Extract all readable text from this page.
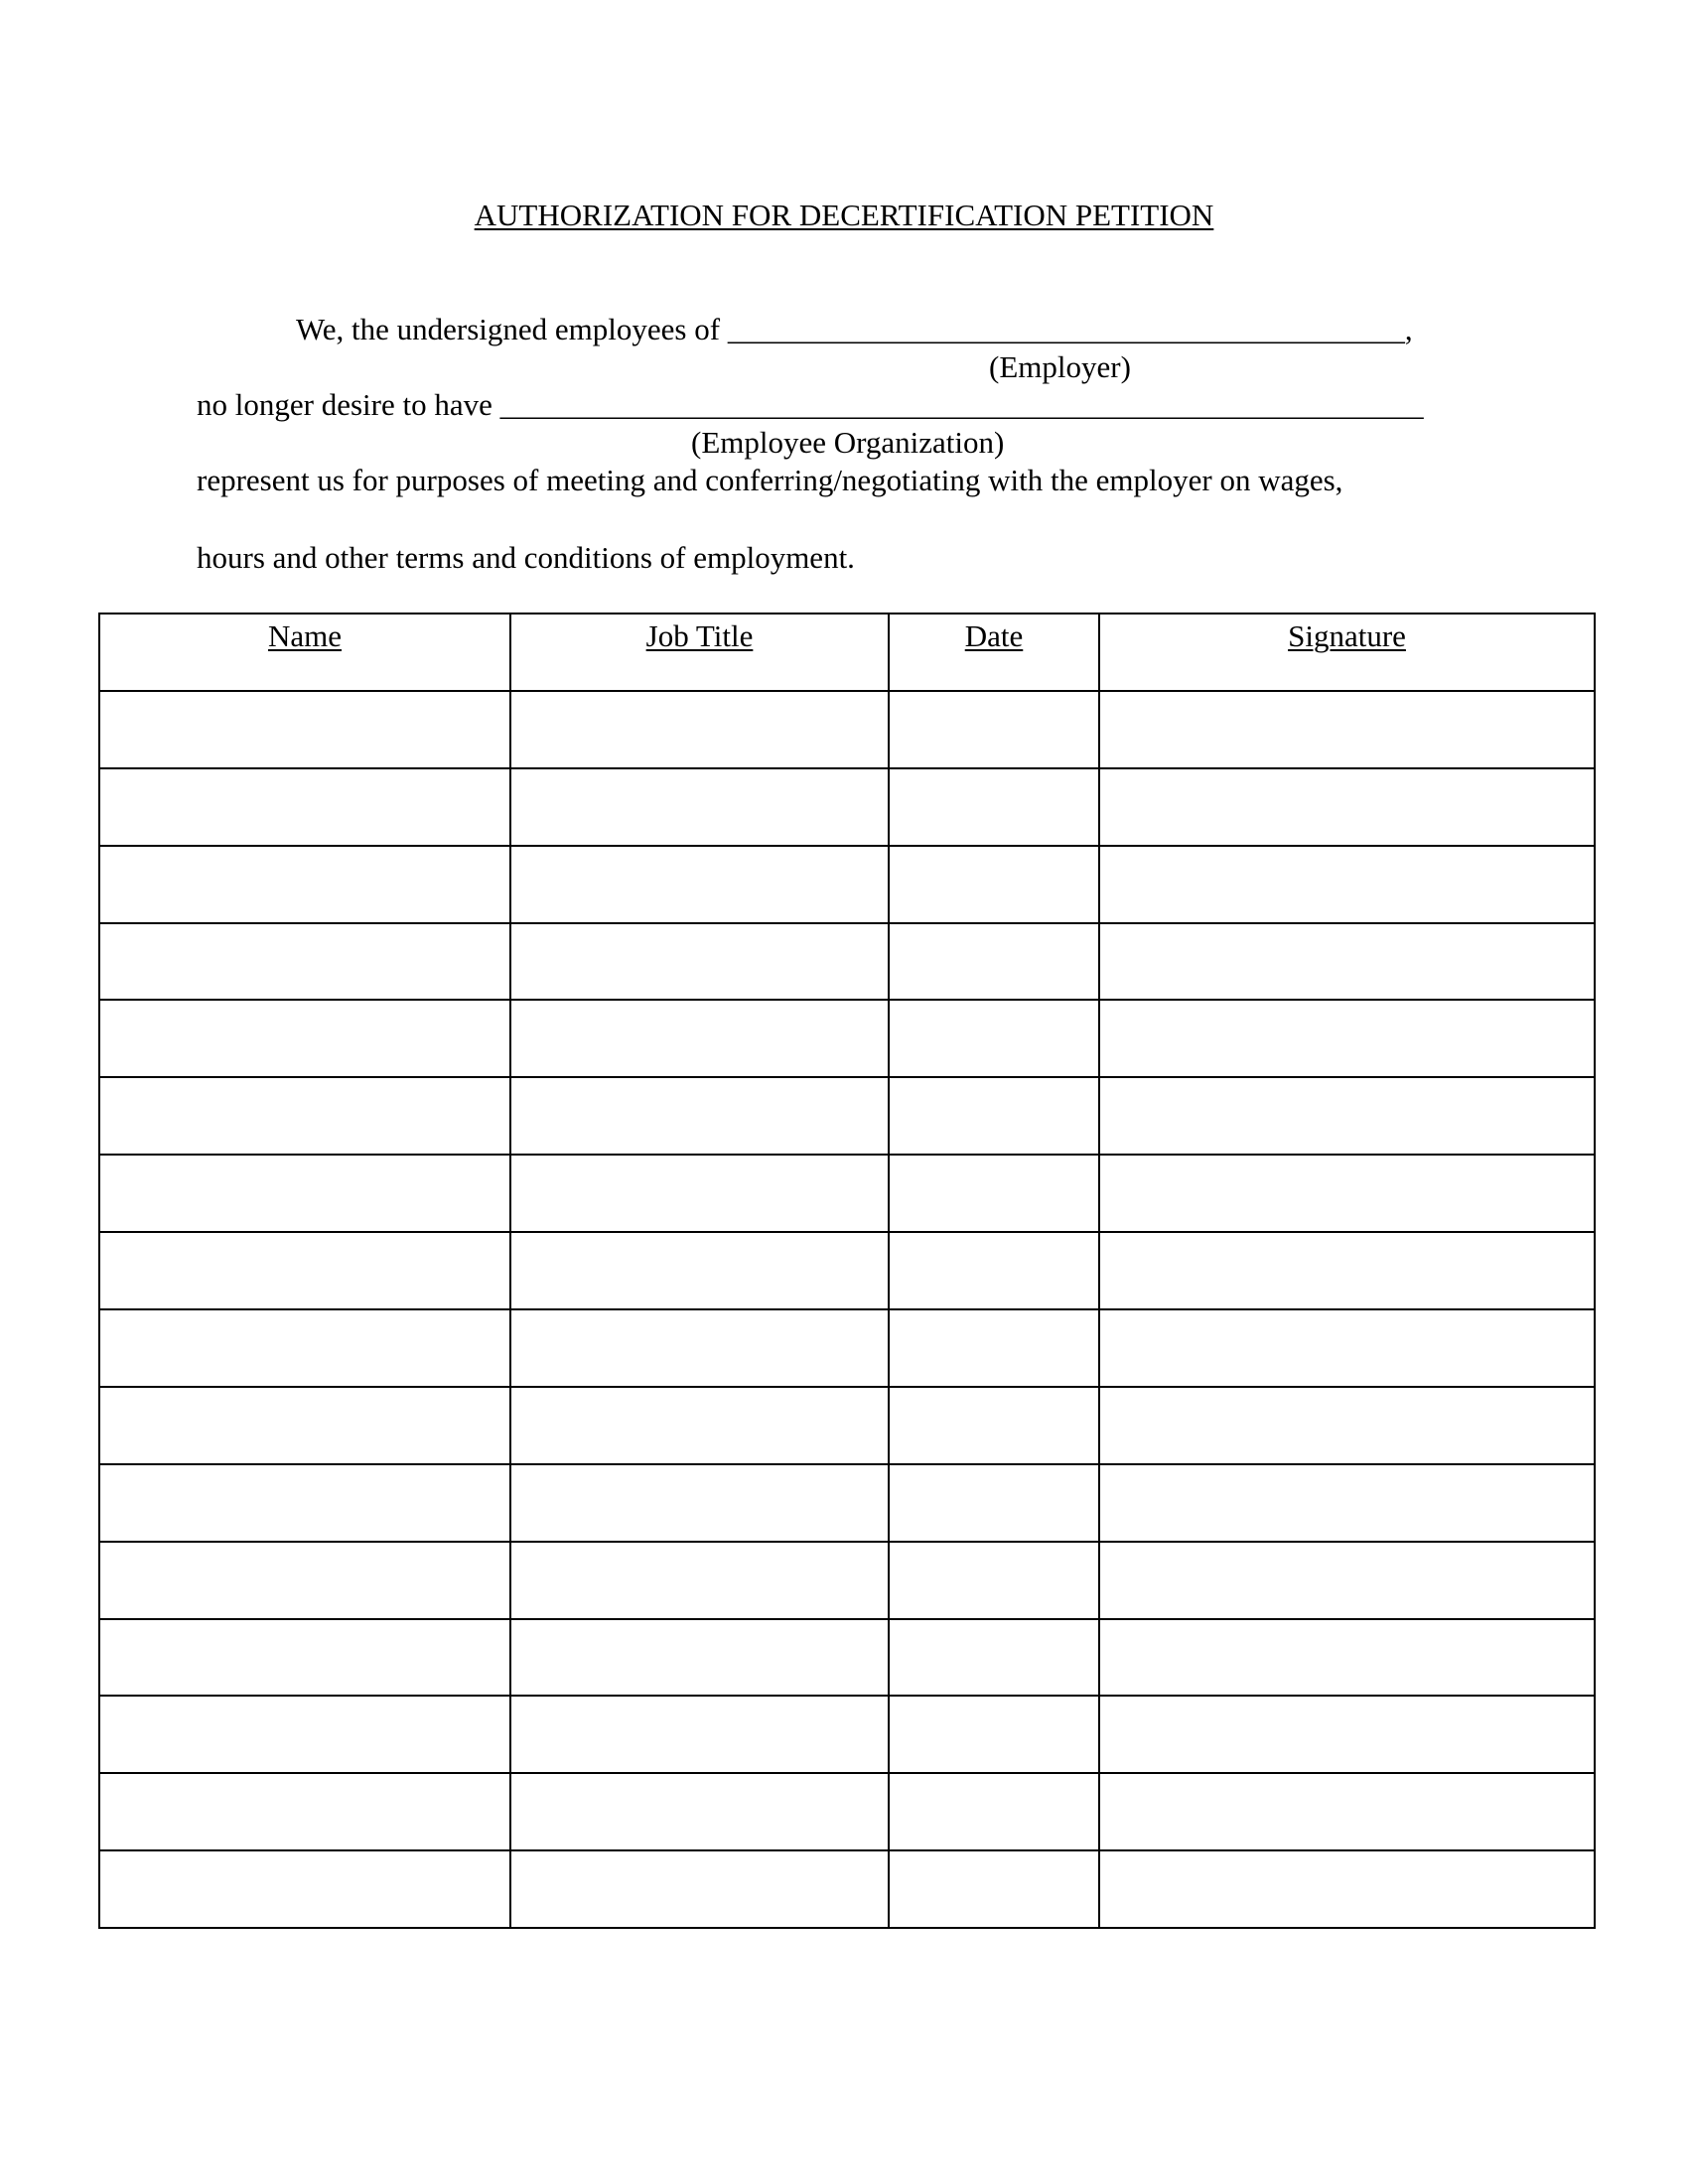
AUTHORIZATION FOR DECERTIFICATION PETITION
We, the undersigned employees of ____________________________________________,
(Employer)
no longer desire to have ____________________________________________________________
(Employee Organization)
represent us for purposes of meeting and conferring/negotiating with the employer on wages,
hours and other terms and conditions of employment.
Name	Job Title	Date	Signature
